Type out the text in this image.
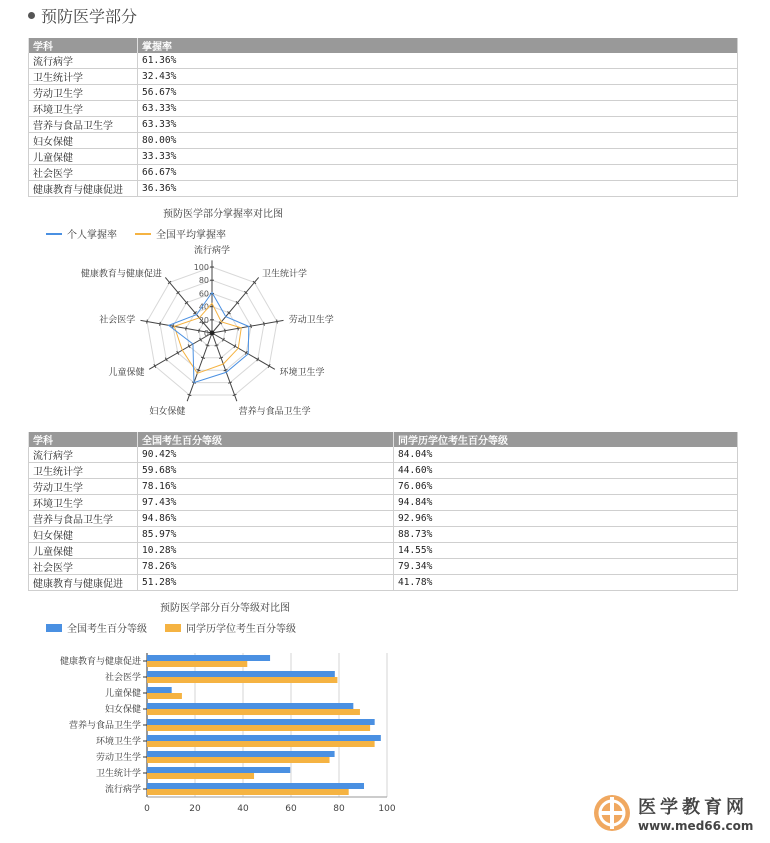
预防医学部分
学科	掌握率
流行病学	61.36%
卫生统计学	32.43%
劳动卫生学	56.67%
环境卫生学	63.33%
营养与食品卫生学	63.33%
妇女保健	80.00%
儿童保健	33.33%
社会医学	66.67%
健康教育与健康促进	36.36%
预防医学部分掌握率对比图
个人掌握率	全国平均掌握率
0
20
40
60
80
100
流行病学
卫生统计学
劳动卫生学
环境卫生学
营养与食品卫生学
妇女保健
儿童保健
社会医学
健康教育与健康促进
学科	全国考生百分等级	同学历学位考生百分等级
流行病学	90.42%	84.04%
卫生统计学	59.68%	44.60%
劳动卫生学	78.16%	76.06%
环境卫生学	97.43%	94.84%
营养与食品卫生学	94.86%	92.96%
妇女保健	85.97%	88.73%
儿童保健	10.28%	14.55%
社会医学	78.26%	79.34%
健康教育与健康促进	51.28%	41.78%
预防医学部分百分等级对比图
全国考生百分等级	同学历学位考生百分等级
0	20	40	60	80	100
流行病学
卫生统计学
劳动卫生学
环境卫生学
营养与食品卫生学
妇女保健
儿童保健
社会医学
健康教育与健康促进
医学教育网
www.med66.com
